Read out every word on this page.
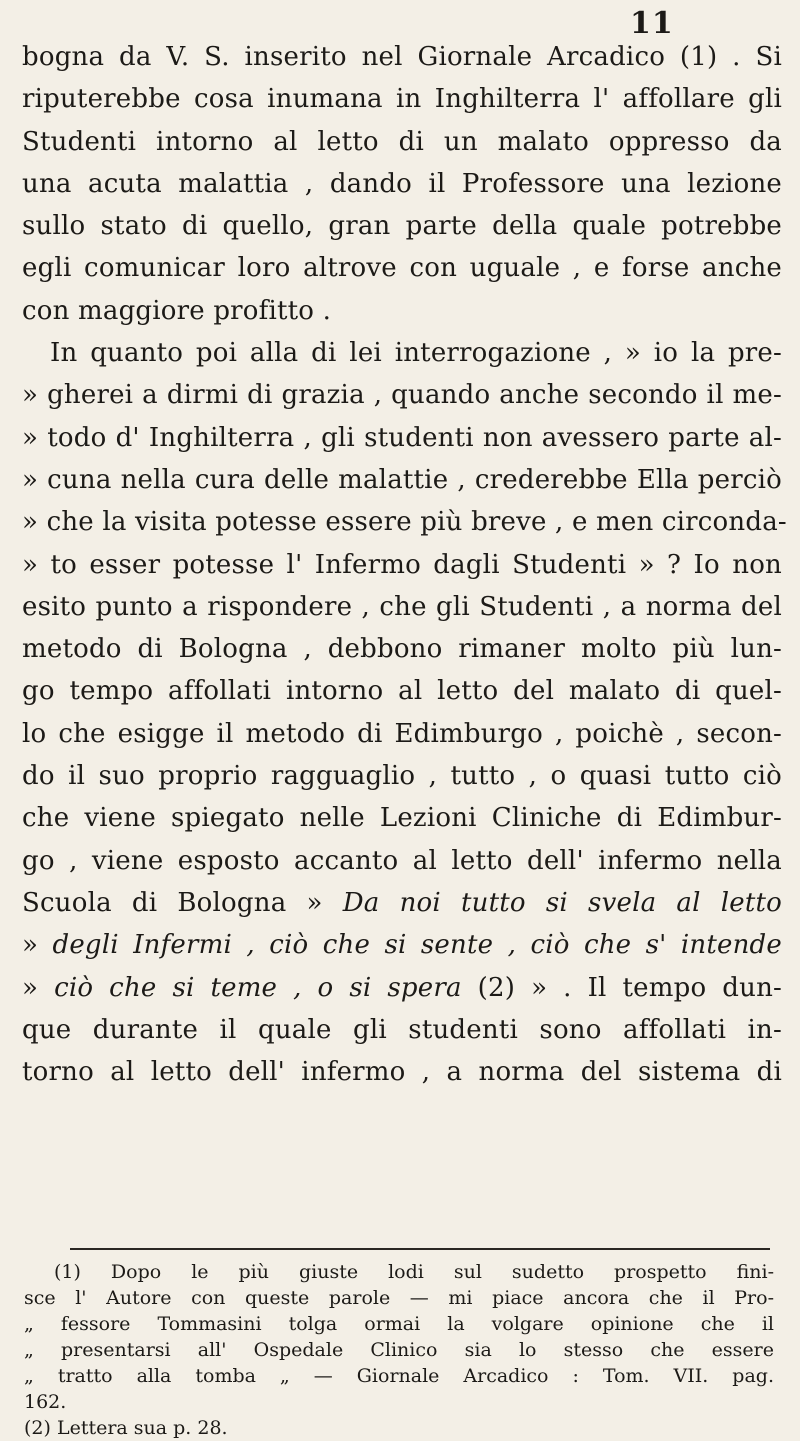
11
bogna da V. S. inserito nel Giornale Arcadico (1) . Si
riputerebbe cosa inumana in Inghilterra l' affollare gli
Studenti intorno al letto di un malato oppresso da
una acuta malattia , dando il Professore una lezione
sullo stato di quello, gran parte della quale potrebbe
egli comunicar loro altrove con uguale , e forse anche
con maggiore profitto .
In quanto poi alla di lei interrogazione , » io la pre-
» gherei a dirmi di grazia , quando anche secondo il me-
» todo d' Inghilterra , gli studenti non avessero parte al-
» cuna nella cura delle malattie , crederebbe Ella perciò
» che la visita potesse essere più breve , e men circonda-
» to esser potesse l' Infermo dagli Studenti » ? Io non
esito punto a rispondere , che gli Studenti , a norma del
metodo di Bologna , debbono rimaner molto più lun-
go tempo affollati intorno al letto del malato di quel-
lo che esigge il metodo di Edimburgo , poichè , secon-
do il suo proprio ragguaglio , tutto , o quasi tutto ciò
che viene spiegato nelle Lezioni Cliniche di Edimbur-
go , viene esposto accanto al letto dell' infermo nella
Scuola di Bologna » Da noi tutto si svela al letto
» degli Infermi , ciò che si sente , ciò che s' intende
» ciò che si teme , o si spera (2) » . Il tempo dun-
que durante il quale gli studenti sono affollati in-
torno al letto dell' infermo , a norma del sistema di
(1) Dopo le più giuste lodi sul sudetto prospetto fini-
sce l' Autore con queste parole — mi piace ancora che il Pro-
„ fessore Tommasini tolga ormai la volgare opinione che il
„ presentarsi all' Ospedale Clinico sia lo stesso che essere
„ tratto alla tomba „ — Giornale Arcadico : Tom. VII. pag.
162.
(2) Lettera sua p. 28.
